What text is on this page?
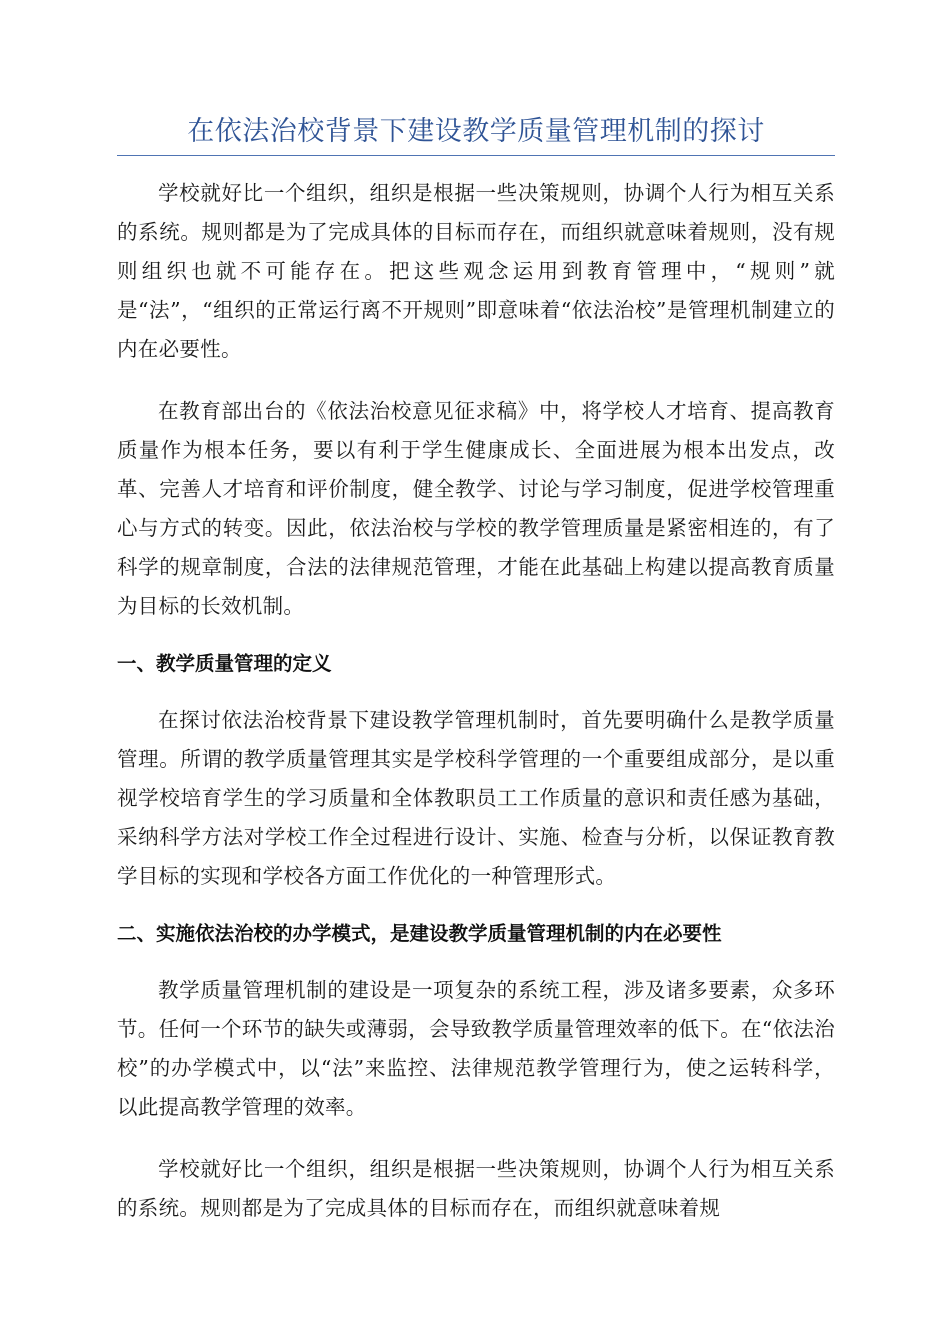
在依法治校背景下建设教学质量管理机制的探讨

学校就好比一个组织，组织是根据一些决策规则，协调个人行为相互关系的系统。规则都是为了完成具体的目标而存在，而组织就意味着规则，没有规则组织也就不可能存在。把这些观念运用到教育管理中，“规则”就是“法”，“组织的正常运行离不开规则”即意味着“依法治校”是管理机制建立的内在必要性。

在教育部出台的《依法治校意见征求稿》中，将学校人才培育、提高教育质量作为根本任务，要以有利于学生健康成长、全面进展为根本出发点，改革、完善人才培育和评价制度，健全教学、讨论与学习制度，促进学校管理重心与方式的转变。因此，依法治校与学校的教学管理质量是紧密相连的，有了科学的规章制度，合法的法律规范管理，才能在此基础上构建以提高教育质量为目标的长效机制。

一、教学质量管理的定义

在探讨依法治校背景下建设教学管理机制时，首先要明确什么是教学质量管理。所谓的教学质量管理其实是学校科学管理的一个重要组成部分，是以重视学校培育学生的学习质量和全体教职员工工作质量的意识和责任感为基础，采纳科学方法对学校工作全过程进行设计、实施、检查与分析，以保证教育教学目标的实现和学校各方面工作优化的一种管理形式。

二、实施依法治校的办学模式，是建设教学质量管理机制的内在必要性

教学质量管理机制的建设是一项复杂的系统工程，涉及诸多要素，众多环节。任何一个环节的缺失或薄弱，会导致教学质量管理效率的低下。在“依法治校”的办学模式中，以“法”来监控、法律规范教学管理行为，使之运转科学，以此提高教学管理的效率。

学校就好比一个组织，组织是根据一些决策规则，协调个人行为相互关系的系统。规则都是为了完成具体的目标而存在，而组织就意味着规
